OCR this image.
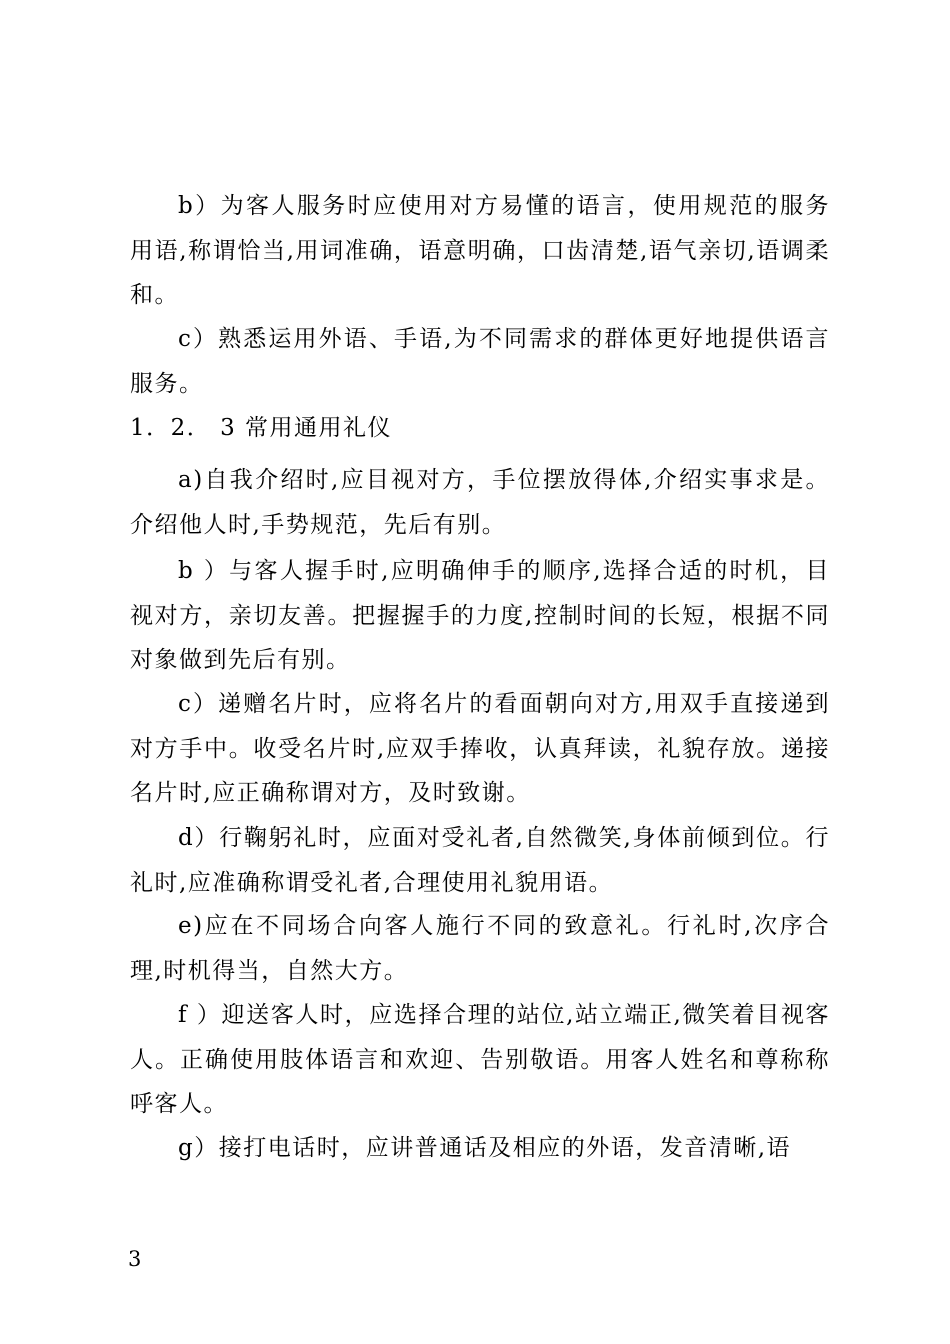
b）为客人服务时应使用对方易懂的语言，使用规范的服务用语,称谓恰当,用词准确，语意明确，口齿清楚,语气亲切,语调柔和。

c）熟悉运用外语、手语,为不同需求的群体更好地提供语言服务。

1．2． 3 常用通用礼仪

a)自我介绍时,应目视对方，手位摆放得体,介绍实事求是。介绍他人时,手势规范，先后有别。

b ）与客人握手时,应明确伸手的顺序,选择合适的时机，目视对方，亲切友善。把握握手的力度,控制时间的长短，根据不同对象做到先后有别。

c）递赠名片时，应将名片的看面朝向对方,用双手直接递到对方手中。收受名片时,应双手捧收，认真拜读，礼貌存放。递接名片时,应正确称谓对方，及时致谢。

d）行鞠躬礼时，应面对受礼者,自然微笑,身体前倾到位。行礼时,应准确称谓受礼者,合理使用礼貌用语。

e)应在不同场合向客人施行不同的致意礼。行礼时,次序合理,时机得当，自然大方。

f ）迎送客人时，应选择合理的站位,站立端正,微笑着目视客人。正确使用肢体语言和欢迎、告别敬语。用客人姓名和尊称称呼客人。

g）接打电话时，应讲普通话及相应的外语，发音清晰,语

3
